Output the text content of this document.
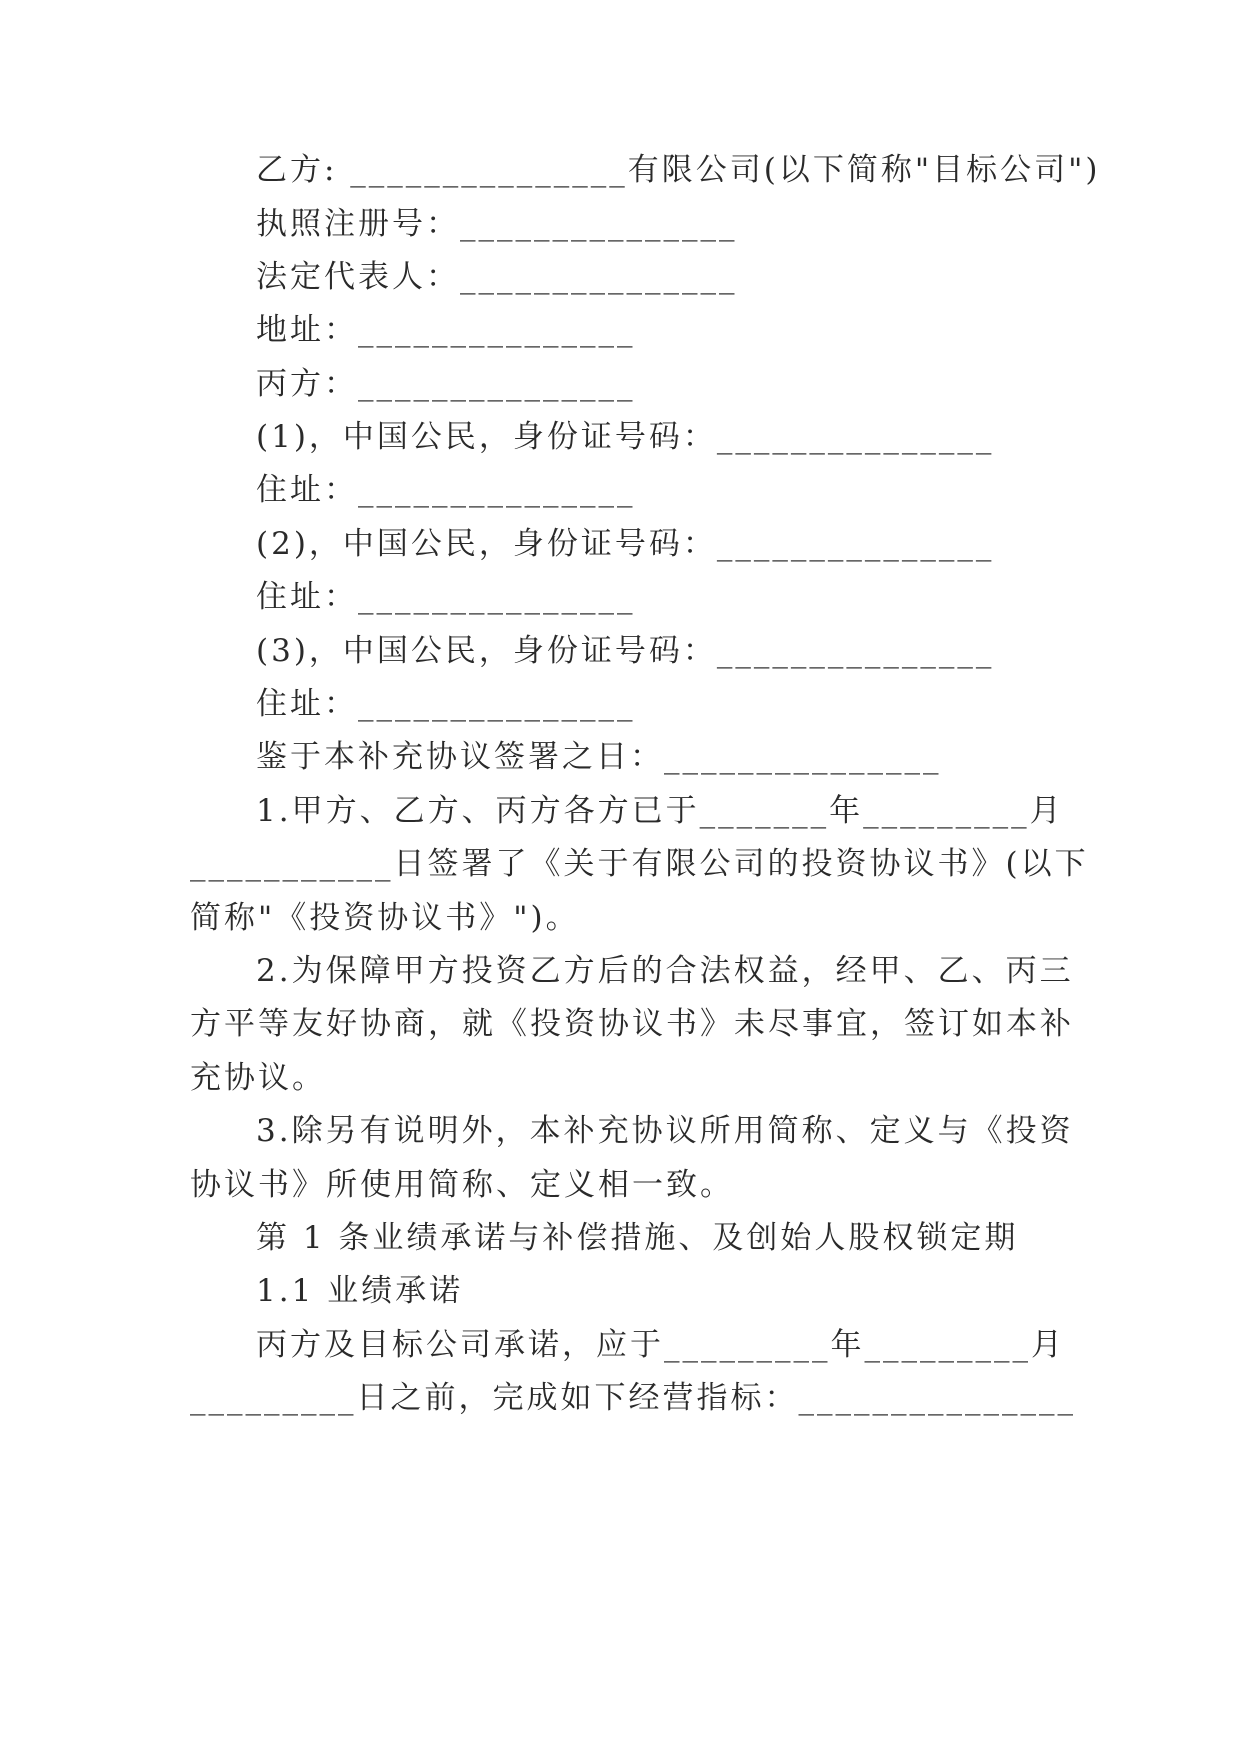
乙方: _______________有限公司(以下简称"目标公司")

执照注册号：_______________

法定代表人：_______________

地址：_______________

丙方：_______________

(1)，中国公民，身份证号码：_______________

住址：_______________

(2)，中国公民，身份证号码：_______________

住址：_______________

(3)，中国公民，身份证号码：_______________

住址：_______________

鉴于本补充协议签署之日：_______________

1.甲方、乙方、丙方各方已于_______年_________月

___________日签署了《关于有限公司的投资协议书》(以下

简称"《投资协议书》")。

2.为保障甲方投资乙方后的合法权益，经甲、乙、丙三

方平等友好协商，就《投资协议书》未尽事宜，签订如本补

充协议。

3.除另有说明外，本补充协议所用简称、定义与《投资

协议书》所使用简称、定义相一致。

第 1 条业绩承诺与补偿措施、及创始人股权锁定期

1.1 业绩承诺

丙方及目标公司承诺，应于_________年_________月

_________日之前，完成如下经营指标：_______________
